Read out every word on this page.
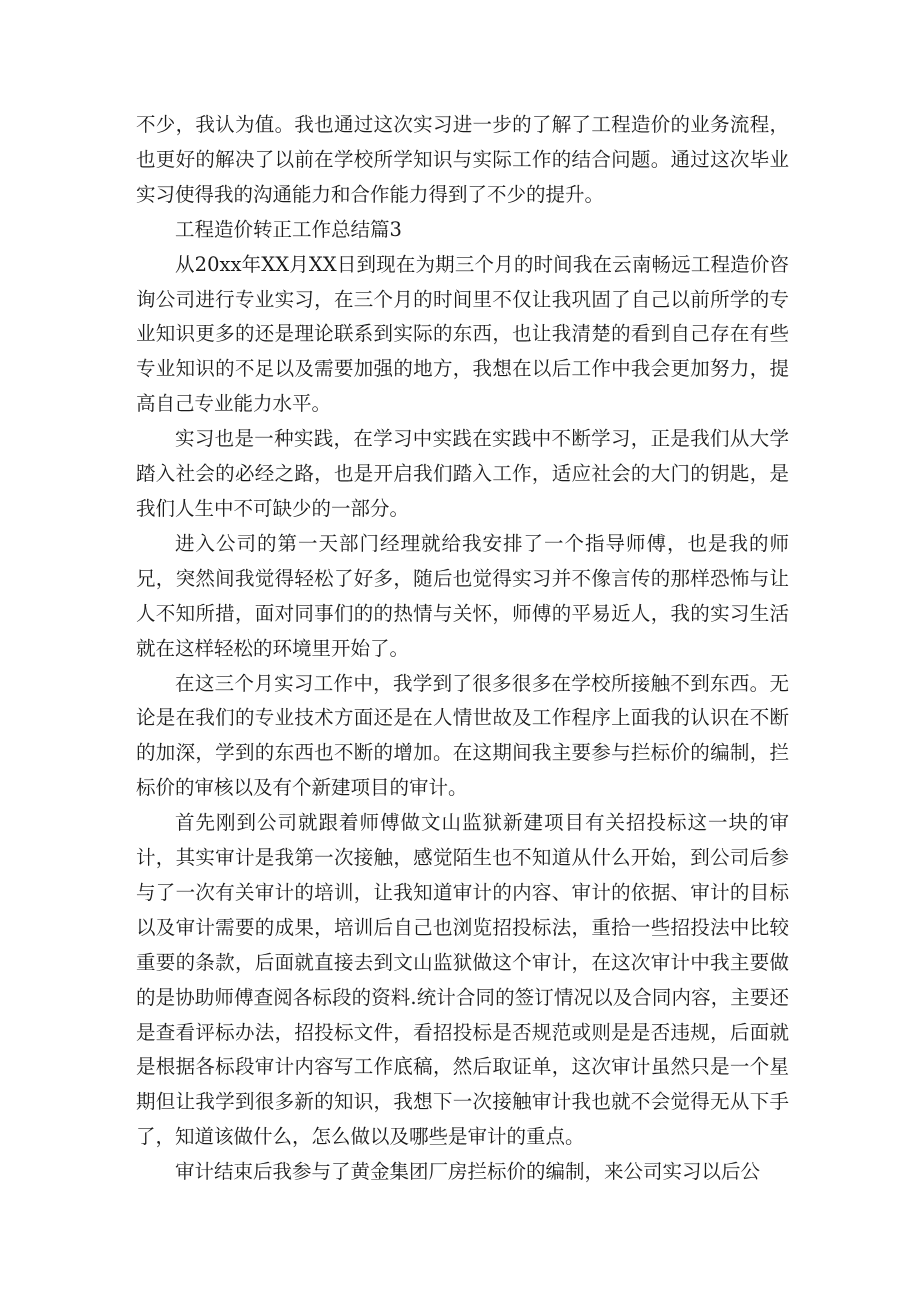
不少，我认为值。我也通过这次实习进一步的了解了工程造价的业务流程，也更好的解决了以前在学校所学知识与实际工作的结合问题。通过这次毕业实习使得我的沟通能力和合作能力得到了不少的提升。

工程造价转正工作总结篇3

从20xx年XX月XX日到现在为期三个月的时间我在云南畅远工程造价咨询公司进行专业实习，在三个月的时间里不仅让我巩固了自己以前所学的专业知识更多的还是理论联系到实际的东西，也让我清楚的看到自己存在有些专业知识的不足以及需要加强的地方，我想在以后工作中我会更加努力，提高自己专业能力水平。

实习也是一种实践，在学习中实践在实践中不断学习，正是我们从大学踏入社会的必经之路，也是开启我们踏入工作，适应社会的大门的钥匙，是我们人生中不可缺少的一部分。

进入公司的第一天部门经理就给我安排了一个指导师傅，也是我的师兄，突然间我觉得轻松了好多，随后也觉得实习并不像言传的那样恐怖与让人不知所措，面对同事们的的热情与关怀，师傅的平易近人，我的实习生活就在这样轻松的环境里开始了。

在这三个月实习工作中，我学到了很多很多在学校所接触不到东西。无论是在我们的专业技术方面还是在人情世故及工作程序上面我的认识在不断的加深，学到的东西也不断的增加。在这期间我主要参与拦标价的编制，拦标价的审核以及有个新建项目的审计。

首先刚到公司就跟着师傅做文山监狱新建项目有关招投标这一块的审计，其实审计是我第一次接触，感觉陌生也不知道从什么开始，到公司后参与了一次有关审计的培训，让我知道审计的内容、审计的依据、审计的目标以及审计需要的成果，培训后自己也浏览招投标法，重拾一些招投法中比较重要的条款，后面就直接去到文山监狱做这个审计，在这次审计中我主要做的是协助师傅查阅各标段的资料.统计合同的签订情况以及合同内容，主要还是查看评标办法，招投标文件，看招投标是否规范或则是是否违规，后面就是根据各标段审计内容写工作底稿，然后取证单，这次审计虽然只是一个星期但让我学到很多新的知识，我想下一次接触审计我也就不会觉得无从下手了，知道该做什么，怎么做以及哪些是审计的重点。

审计结束后我参与了黄金集团厂房拦标价的编制，来公司实习以后公
